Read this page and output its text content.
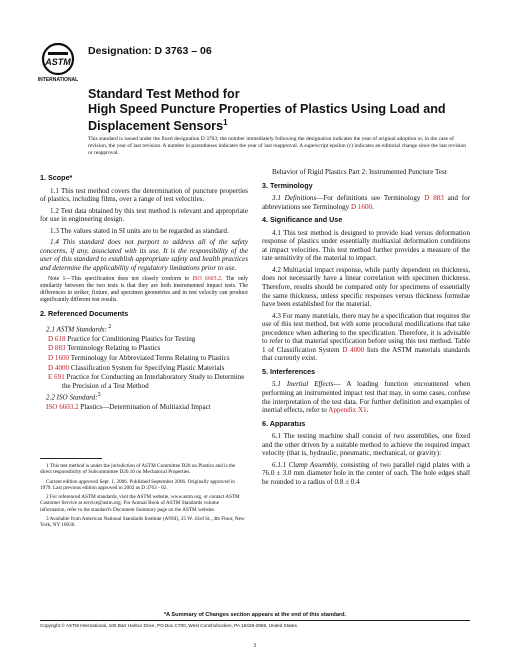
ASTM
INTERNATIONAL
Designation: D 3763 – 06
Standard Test Method for
High Speed Puncture Properties of Plastics Using Load and
Displacement Sensors$^1$
This standard is issued under the fixed designation D 3763; the number immediately following the designation indicates the year of original adoption or, in the case of revision, the year of last revision. A number in parentheses indicates the year of last reapproval. A superscript epsilon (ε) indicates an editorial change since the last revision or reapproval.
1. Scope*
1.1 This test method covers the determination of puncture properties of plastics, including films, over a range of test velocities.
1.2 Test data obtained by this test method is relevant and appropriate for use in engineering design.
1.3 The values stated in SI units are to be regarded as standard.
1.4 This standard does not purport to address all of the safety concerns, if any, associated with its use. It is the responsibility of the user of this standard to establish appropriate safety and health practices and determine the applicability of regulatory limitations prior to use.
Note 1—This specification does not closely conform to ISO 6603.2. The only similarity between the two tests is that they are both instrumented impact tests. The differences in striker, fixture, and specimen geometries and in test velocity can produce significantly different test results.
2. Referenced Documents
2.1 ASTM Standards: $^2$
D 618 Practice for Conditioning Plastics for Testing
D 883 Terminology Relating to Plastics
D 1600 Terminology for Abbreviated Terms Relating to Plastics
D 4000 Classification System for Specifying Plastic Materials
E 691 Practice for Conducting an Interlaboratory Study to Determine the Precision of a Test Method
2.2 ISO Standard:$^3$
ISO 6603.2 Plastics—Determination of Multiaxial Impact
1 This test method is under the jurisdiction of ASTM Committee D20 on Plastics and is the direct responsibility of Subcommittee D20.10 on Mechanical Properties.
Current edition approved Sept. 1, 2006. Published September 2006. Originally approved in 1979. Last previous edition approved in 2002 as D 3763 - 02.
2 For referenced ASTM standards, visit the ASTM website, www.astm.org, or contact ASTM Customer Service at service@astm.org. For Annual Book of ASTM Standards volume information, refer to the standard's Document Summary page on the ASTM website.
3 Available from American National Standards Institute (ANSI), 25 W. 43rd St., 4th Floor, New York, NY 10036.
Behavior of Rigid Plastics Part 2: Instrumented Puncture Test
3. Terminology
3.1 Definitions—For definitions see Terminology D 883 and for abbreviations see Terminology D 1600.
4. Significance and Use
4.1 This test method is designed to provide load versus deformation response of plastics under essentially multiaxial deformation conditions at impact velocities. This test method further provides a measure of the rate sensitivity of the material to impact.
4.2 Multiaxial impact response, while partly dependent on thickness, does not necessarily have a linear correlation with specimen thickness. Therefore, results should be compared only for specimens of essentially the same thickness, unless specific responses versus thickness formulae have been established for the material.
4.3 For many materials, there may be a specification that requires the use of this test method, but with some procedural modifications that take precedence when adhering to the specification. Therefore, it is advisable to refer to that material specification before using this test method. Table 1 of Classification System D 4000 lists the ASTM materials standards that currently exist.
5. Interferences
5.1 Inertial Effects— A loading function encountered when performing an instrumented impact test that may, in some cases, confuse the interpretation of the test data. For further definition and examples of inertial effects, refer to Appendix X1.
6. Apparatus
6.1 The testing machine shall consist of two assemblies, one fixed and the other driven by a suitable method to achieve the required impact velocity (that is, hydraulic, pneumatic, mechanical, or gravity):
6.1.1 Clamp Assembly, consisting of two parallel rigid plates with a 76.0 ± 3.0 mm diameter hole in the center of each. The hole edges shall be rounded to a radius of 0.8 ± 0.4
*A Summary of Changes section appears at the end of this standard.
Copyright © ASTM International, 100 Barr Harbor Drive, PO Box C700, West Conshohocken, PA 19428-2959, United States.
1
